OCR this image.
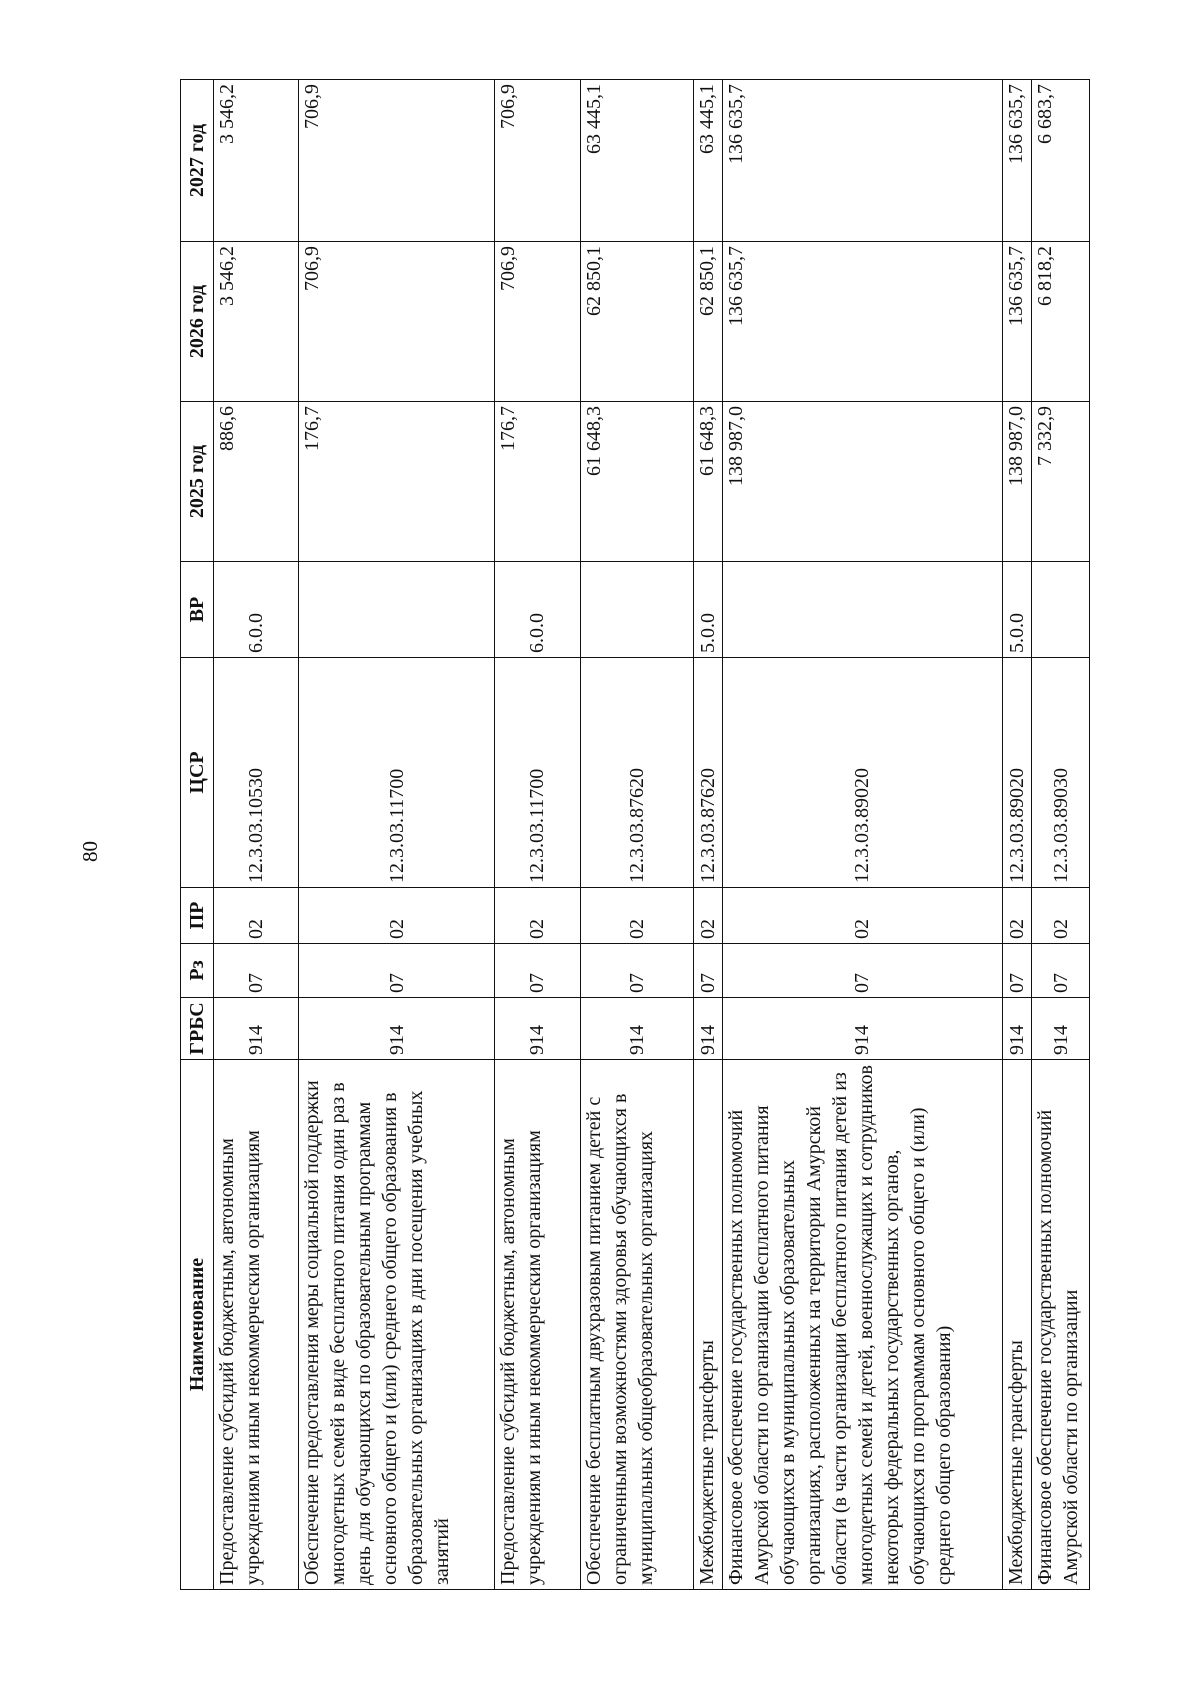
80
Наименование	ГРБС	Рз	ПР	ЦСР	ВР	2025 год	2026 год	2027 год
Предоставление субсидий бюджетным, автономным учреждениям и иным некоммерческим организациям	914	07	02	12.3.03.10530	6.0.0	886,6	3 546,2	3 546,2
Обеспечение предоставления меры социальной поддержки многодетных семей в виде бесплатного питания один раз в день для обучающихся по образовательным программам основного общего и (или) среднего общего образования в образовательных организациях в дни посещения учебных занятий	914	07	02	12.3.03.11700		176,7	706,9	706,9
Предоставление субсидий бюджетным, автономным учреждениям и иным некоммерческим организациям	914	07	02	12.3.03.11700	6.0.0	176,7	706,9	706,9
Обеспечение бесплатным двухразовым питанием детей с ограниченными возможностями здоровья обучающихся в муниципальных общеобразовательных организациях	914	07	02	12.3.03.87620		61 648,3	62 850,1	63 445,1
Межбюджетные трансферты	914	07	02	12.3.03.87620	5.0.0	61 648,3	62 850,1	63 445,1
Финансовое обеспечение государственных полномочий Амурской области по организации бесплатного питания обучающихся в муниципальных образовательных организациях, расположенных на территории Амурской области (в части организации бесплатного питания детей из многодетных семей и детей, военнослужащих и сотрудников некоторых федеральных государственных органов, обучающихся по программам основного общего и (или) среднего общего образования)	914	07	02	12.3.03.89020		138 987,0	136 635,7	136 635,7
Межбюджетные трансферты	914	07	02	12.3.03.89020	5.0.0	138 987,0	136 635,7	136 635,7
Финансовое обеспечение государственных полномочий Амурской области по организации	914	07	02	12.3.03.89030		7 332,9	6 818,2	6 683,7
